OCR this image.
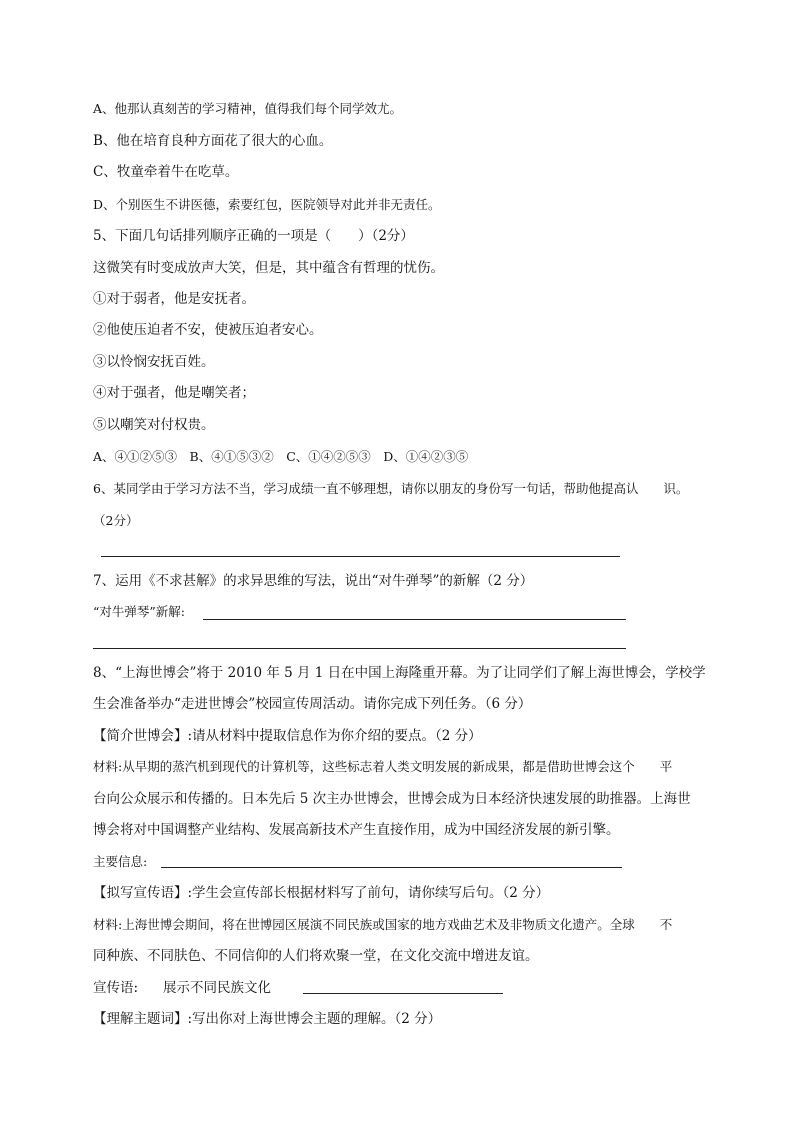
A、他那认真刻苦的学习精神，值得我们每个同学效尤。
B、他在培育良种方面花了很大的心血。
C、牧童牵着牛在吃草。
D、个别医生不讲医德，索要红包，医院领导对此并非无责任。
5、下面几句话排列顺序正确的一项是（　　）（2分）
这微笑有时变成放声大笑，但是，其中蕴含有哲理的忧伤。
①对于弱者，他是安抚者。
②他使压迫者不安，使被压迫者安心。
③以怜悯安抚百姓。
④对于强者，他是嘲笑者；
⑤以嘲笑对付权贵。
A、④①②⑤③　B、④①⑤③②　C、①④②⑤③　D、①④②③⑤
6、某同学由于学习方法不当，学习成绩一直不够理想，请你以朋友的身份写一句话，帮助他提高认　　识。
（2分）
7、运用《不求甚解》的求异思维的写法，说出“对牛弹琴”的新解（2 分）
“对牛弹琴”新解:
8、“上海世博会”将于 2010 年 5 月 1 日在中国上海隆重开幕。为了让同学们了解上海世博会，学校学
生会准备举办“走进世博会”校园宣传周活动。请你完成下列任务。（6 分）
【简介世博会】:请从材料中提取信息作为你介绍的要点。（2 分）
材料:从早期的蒸汽机到现代的计算机等，这些标志着人类文明发展的新成果，都是借助世博会这个　　平
台向公众展示和传播的。日本先后 5 次主办世博会，世博会成为日本经济快速发展的助推器。上海世
博会将对中国调整产业结构、发展高新技术产生直接作用，成为中国经济发展的新引擎。
主要信息:
【拟写宣传语】:学生会宣传部长根据材料写了前句，请你续写后句。（2 分）
材料:上海世博会期间，将在世博园区展演不同民族或国家的地方戏曲艺术及非物质文化遗产。全球　　不
同种族、不同肤色、不同信仰的人们将欢聚一堂，在文化交流中增进友谊。
宣传语: 展示不同民族文化
【理解主题词】:写出你对上海世博会主题的理解。（2 分）
